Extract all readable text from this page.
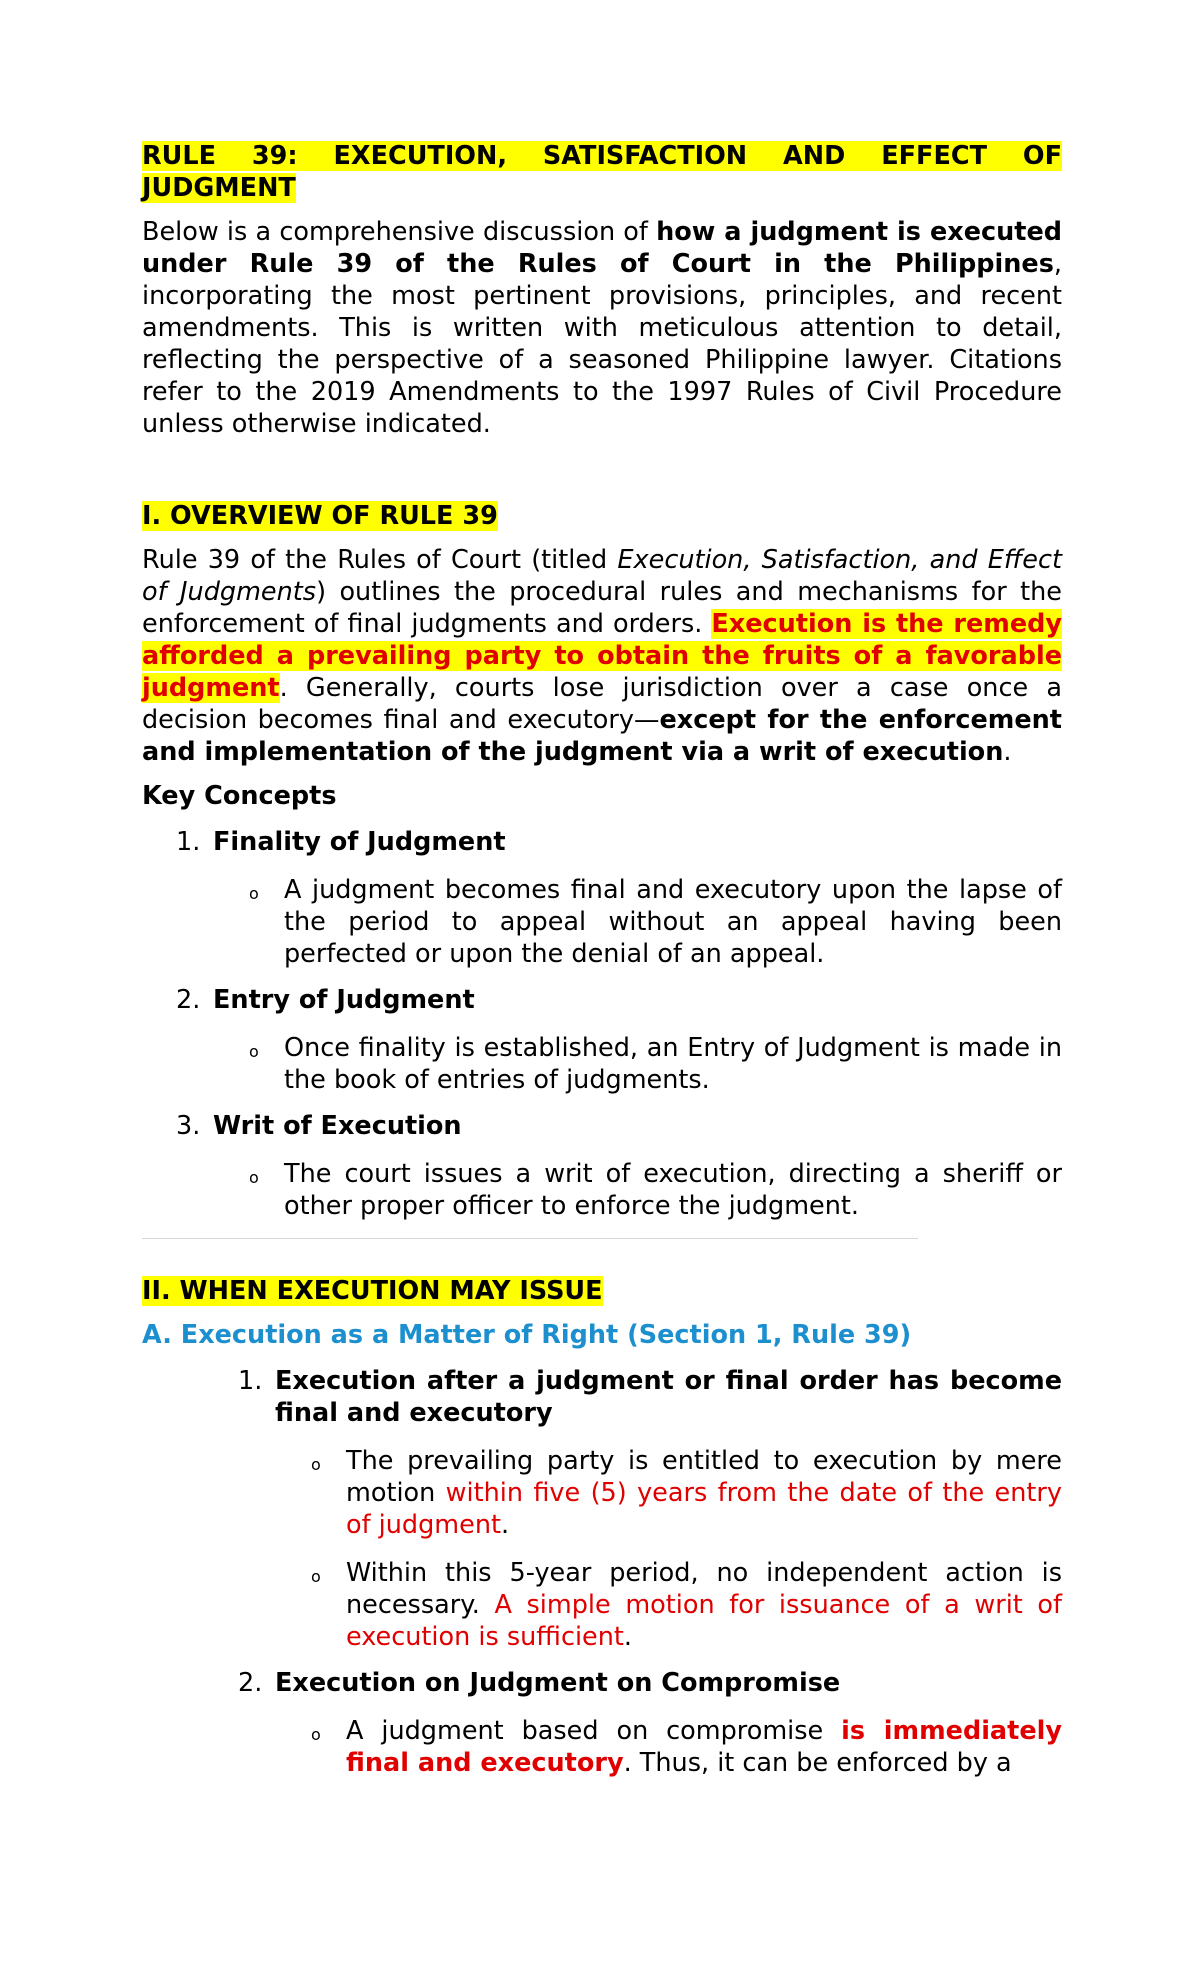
RULE 39: EXECUTION, SATISFACTION AND EFFECT OF JUDGMENT

Below is a comprehensive discussion of how a judgment is executed under Rule 39 of the Rules of Court in the Philippines, incorporating the most pertinent provisions, principles, and recent amendments. This is written with meticulous attention to detail, reflecting the perspective of a seasoned Philippine lawyer. Citations refer to the 2019 Amendments to the 1997 Rules of Civil Procedure unless otherwise indicated.

I. OVERVIEW OF RULE 39

Rule 39 of the Rules of Court (titled Execution, Satisfaction, and Effect of Judgments) outlines the procedural rules and mechanisms for the enforcement of final judgments and orders. Execution is the remedy afforded a prevailing party to obtain the fruits of a favorable judgment. Generally, courts lose jurisdiction over a case once a decision becomes final and executory—except for the enforcement and implementation of the judgment via a writ of execution.

Key Concepts
1. Finality of Judgment
o A judgment becomes final and executory upon the lapse of the period to appeal without an appeal having been perfected or upon the denial of an appeal.
2. Entry of Judgment
o Once finality is established, an Entry of Judgment is made in the book of entries of judgments.
3. Writ of Execution
o The court issues a writ of execution, directing a sheriff or other proper officer to enforce the judgment.
II. WHEN EXECUTION MAY ISSUE
A. Execution as a Matter of Right (Section 1, Rule 39)
1. Execution after a judgment or final order has become final and executory
o The prevailing party is entitled to execution by mere motion within five (5) years from the date of the entry of judgment.
o Within this 5-year period, no independent action is necessary. A simple motion for issuance of a writ of execution is sufficient.
2. Execution on Judgment on Compromise
o A judgment based on compromise is immediately final and executory. Thus, it can be enforced by a
